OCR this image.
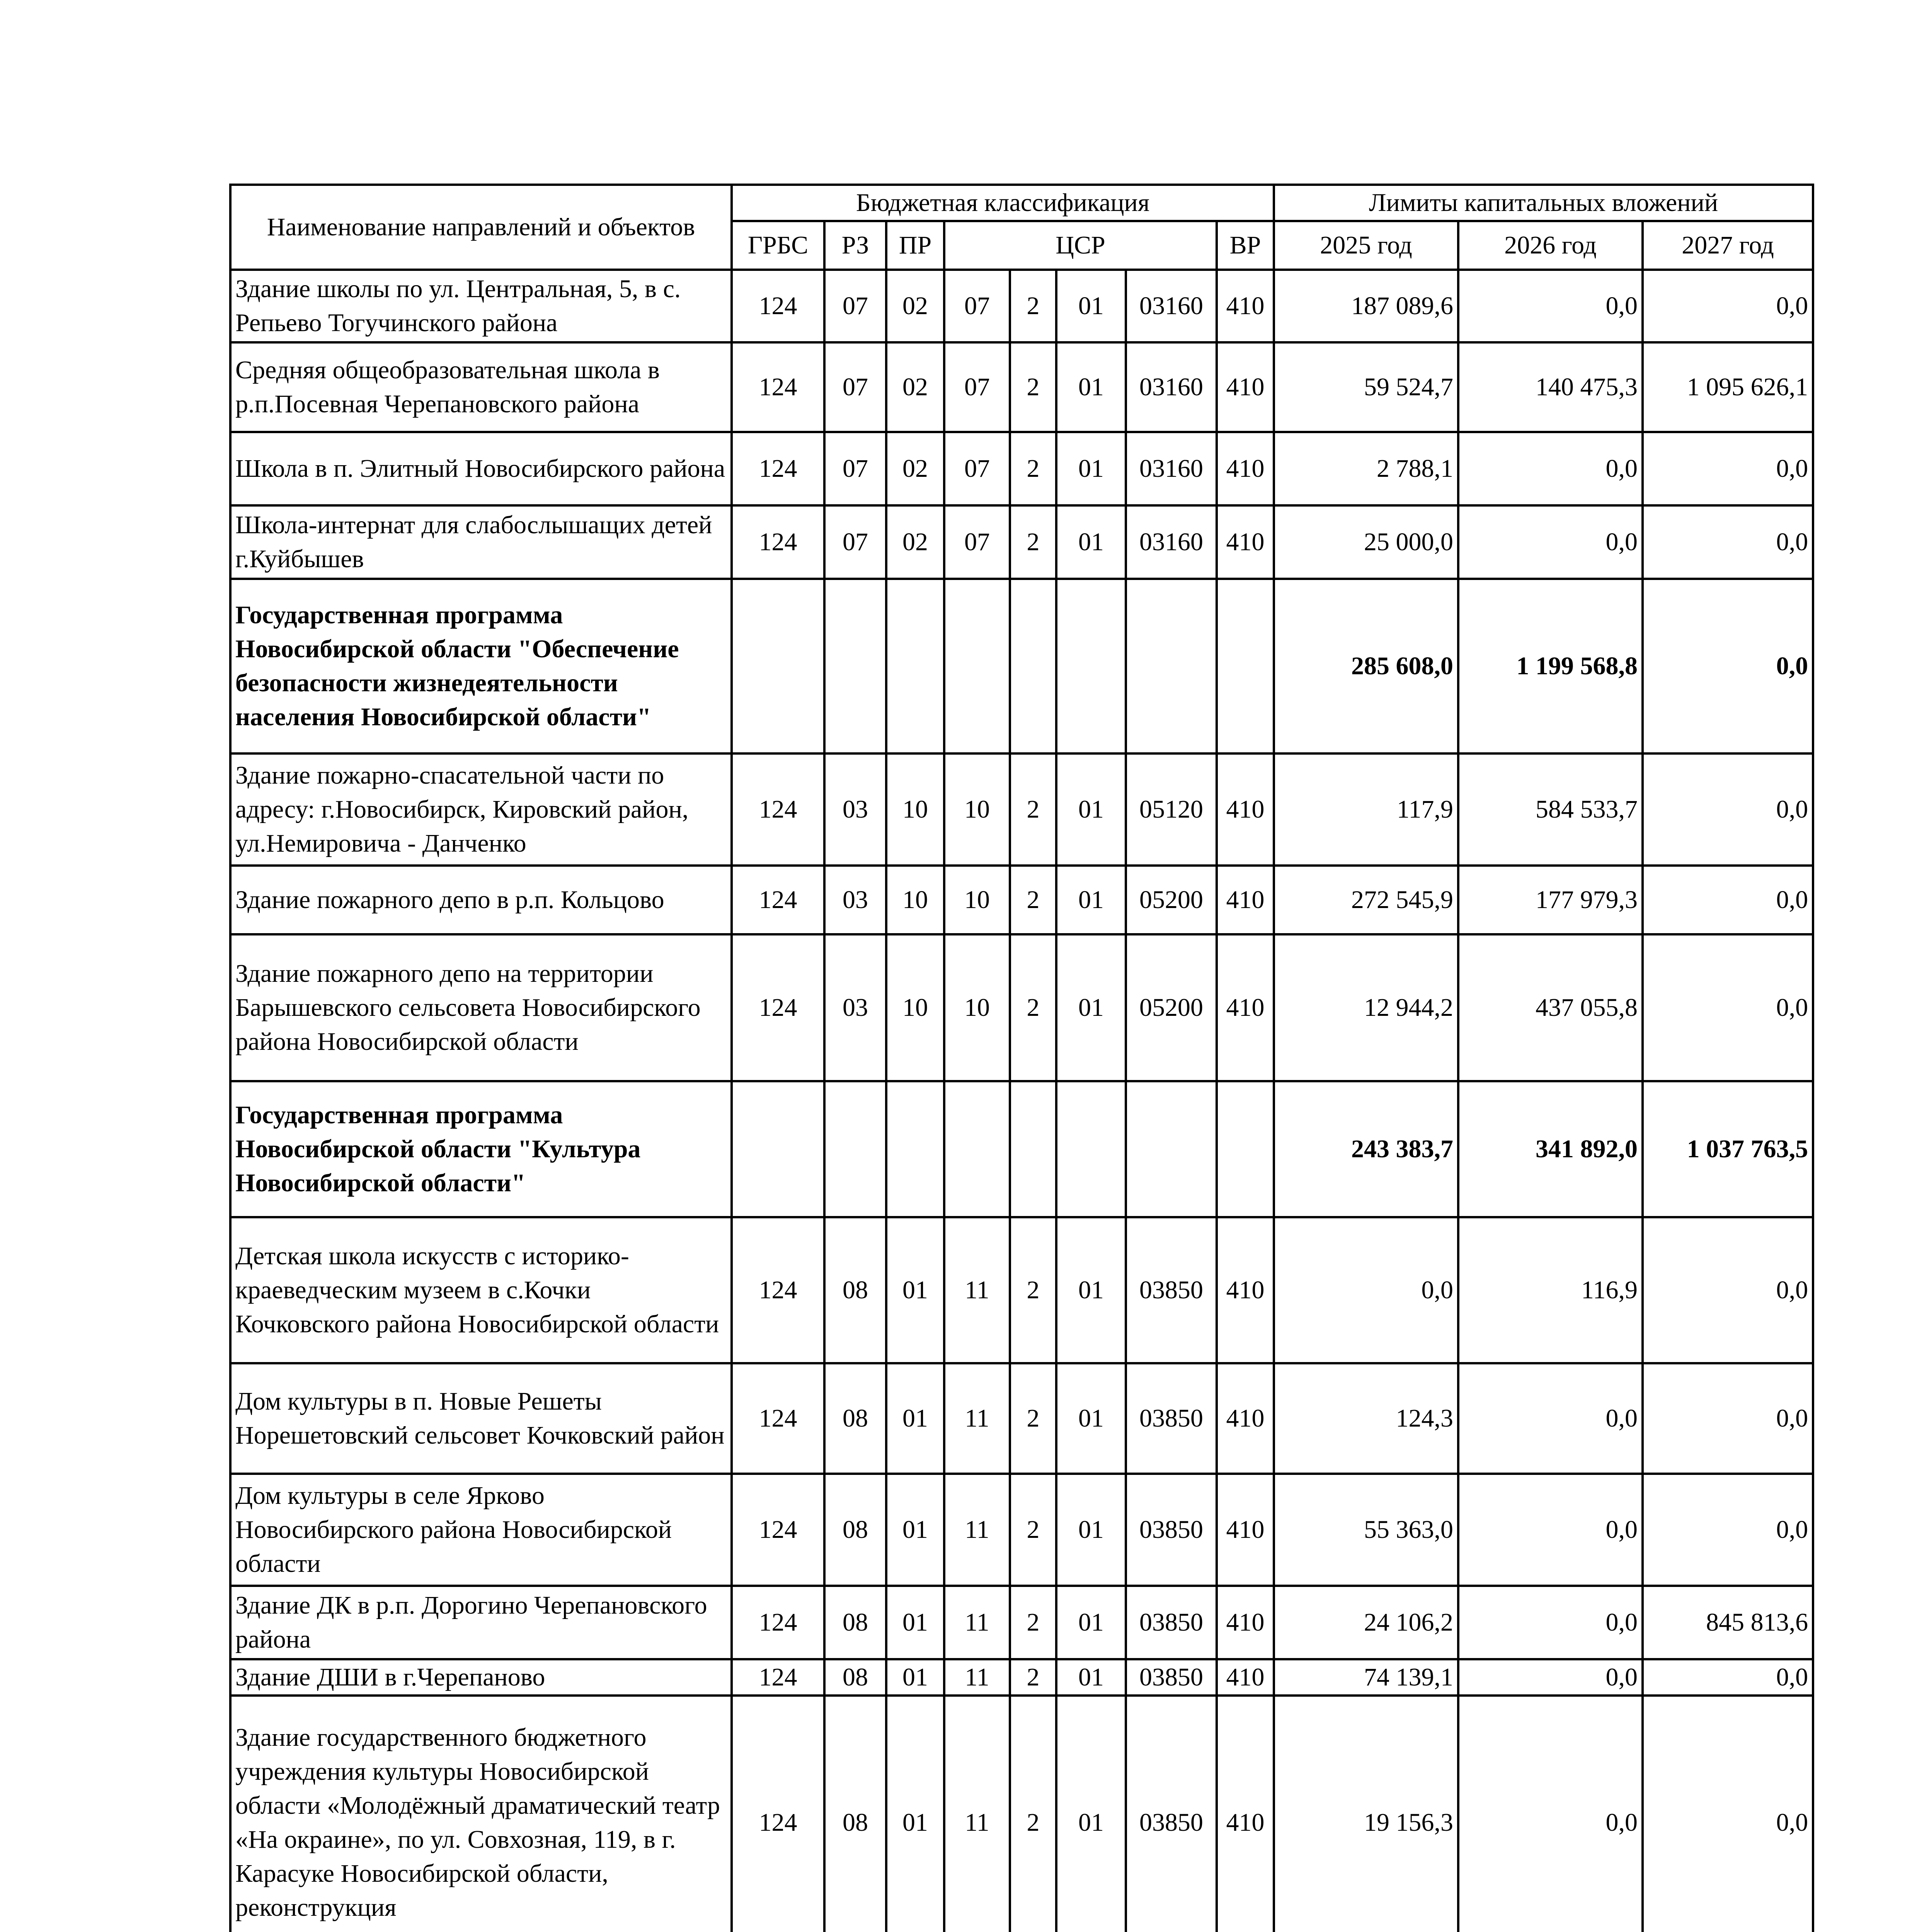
Наименование направлений и объектов	Бюджетная классификация								Лимиты капитальных вложений		
	ГРБС	РЗ	ПР	ЦСР				ВР	2025 год	2026 год	2027 год
Здание школы по ул. Центральная, 5, в с. Репьево Тогучинского района	124	07	02	07	2	01	03160	410	187 089,6	0,0	0,0
Средняя общеобразовательная школа в р.п.Посевная Черепановского района	124	07	02	07	2	01	03160	410	59 524,7	140 475,3	1 095 626,1
Школа в п. Элитный Новосибирского района	124	07	02	07	2	01	03160	410	2 788,1	0,0	0,0
Школа-интернат для слабослышащих детей г.Куйбышев	124	07	02	07	2	01	03160	410	25 000,0	0,0	0,0
Государственная программа Новосибирской области "Обеспечение безопасности жизнедеятельности населения Новосибирской области"									285 608,0	1 199 568,8	0,0
Здание пожарно-спасательной части по адресу: г.Новосибирск, Кировский район, ул.Немировича - Данченко	124	03	10	10	2	01	05120	410	117,9	584 533,7	0,0
Здание пожарного депо в р.п. Кольцово	124	03	10	10	2	01	05200	410	272 545,9	177 979,3	0,0
Здание пожарного депо на территории Барышевского сельсовета Новосибирского района Новосибирской области	124	03	10	10	2	01	05200	410	12 944,2	437 055,8	0,0
Государственная программа Новосибирской области "Культура Новосибирской области"									243 383,7	341 892,0	1 037 763,5
Детская школа искусств с историко-краеведческим музеем в с.Кочки Кочковского района Новосибирской области	124	08	01	11	2	01	03850	410	0,0	116,9	0,0
Дом культуры в п. Новые Решеты Норешетовский сельсовет Кочковский район	124	08	01	11	2	01	03850	410	124,3	0,0	0,0
Дом культуры в селе Ярково Новосибирского района Новосибирской области	124	08	01	11	2	01	03850	410	55 363,0	0,0	0,0
Здание ДК в р.п. Дорогино Черепановского района	124	08	01	11	2	01	03850	410	24 106,2	0,0	845 813,6
Здание ДШИ в г.Черепаново	124	08	01	11	2	01	03850	410	74 139,1	0,0	0,0
Здание государственного бюджетного учреждения культуры Новосибирской области «Молодёжный драматический театр «На окраине», по ул. Совхозная, 119, в г. Карасуке Новосибирской области, реконструкция	124	08	01	11	2	01	03850	410	19 156,3	0,0	0,0
